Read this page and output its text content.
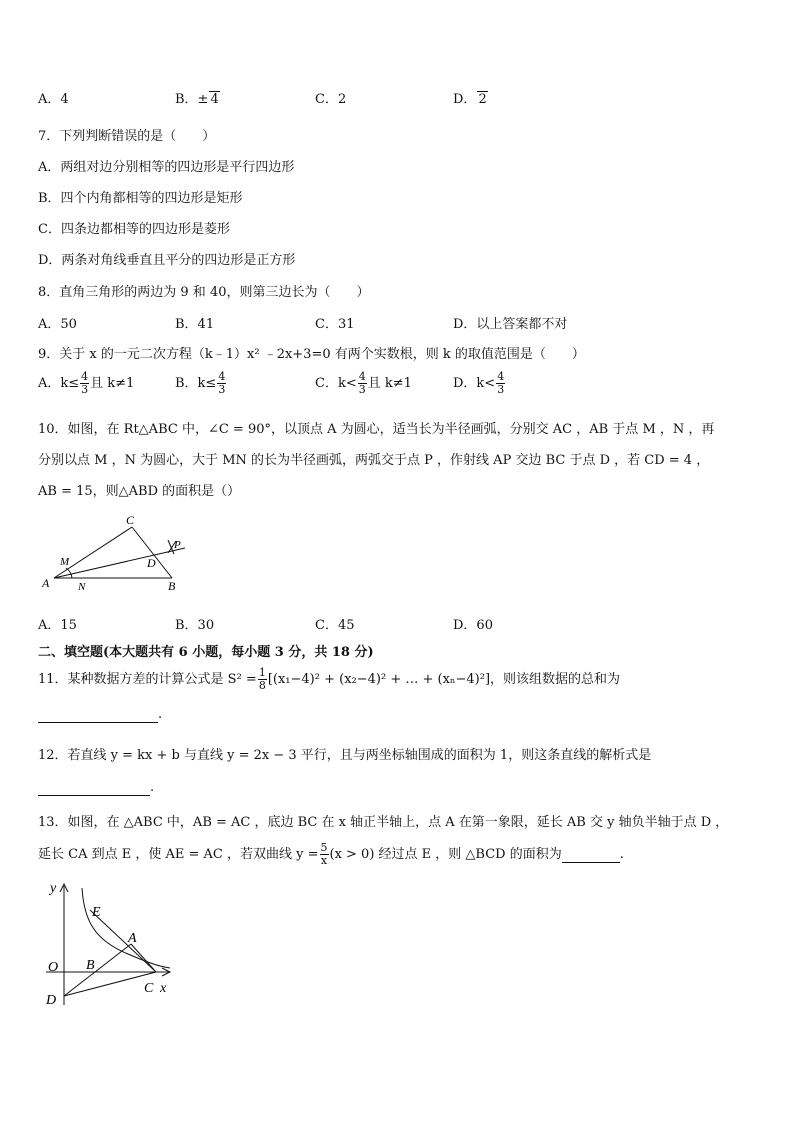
A．4	B．± 4	C．2	D． 2
7．下列判断错误的是（　　）
A．两组对边分别相等的四边形是平行四边形
B．四个内角都相等的四边形是矩形
C．四条边都相等的四边形是菱形
D．两条对角线垂直且平分的四边形是正方形
8．直角三角形的两边为 9 和 40，则第三边长为（　　）
A．50	B．41	C．31	D．以上答案都不对
9．关于 x 的一元二次方程（k﹣1）x² ﹣2x+3=0 有两个实数根，则 k 的取值范围是（　　）
A．$k\le \frac{4}{3}$ 且 k≠1	B．$k\le \frac{4}{3}$	C．$k< \frac{4}{3}$ 且 k≠1	D．$k< \frac{4}{3}$
10．如图，在 Rt△ABC 中，∠C = 90°，以顶点 A 为圆心，适当长为半径画弧，分别交 AC ，AB 于点 M ，N ，再
分别以点 M ，N 为圆心，大于 MN 的长为半径画弧，两弧交于点 P ，作射线 AP 交边 BC 于点 D ，若 CD = 4 ，
AB = 15，则△ABD 的面积是（）
A	B
C
D
M
N
P
A．15	B．30	C．45	D．60
二、填空题(本大题共有 6 小题，每小题 3 分，共 18 分)
11．某种数据方差的计算公式是 $S^2 = \frac{1}{8} [(x_1-4)^2 + (x_2-4)^2$ + … + (xₙ−4)²]，则该组数据的总和为
.
12．若直线 y = kx + b 与直线 y = 2x − 3 平行，且与两坐标轴围成的面积为 1，则这条直线的解析式是
.
13．如图，在 △ABC 中，AB = AC ，底边 BC 在 x 轴正半轴上，点 A 在第一象限，延长 AB 交 y 轴负半轴于点 D ，
延长 CA 到点 E ，使 AE = AC ，若双曲线 $y = \frac{5}{x} (x > 0)$ 经过点 E ，则 △BCD 的面积为	.
y
E
A
O B
D
C x
